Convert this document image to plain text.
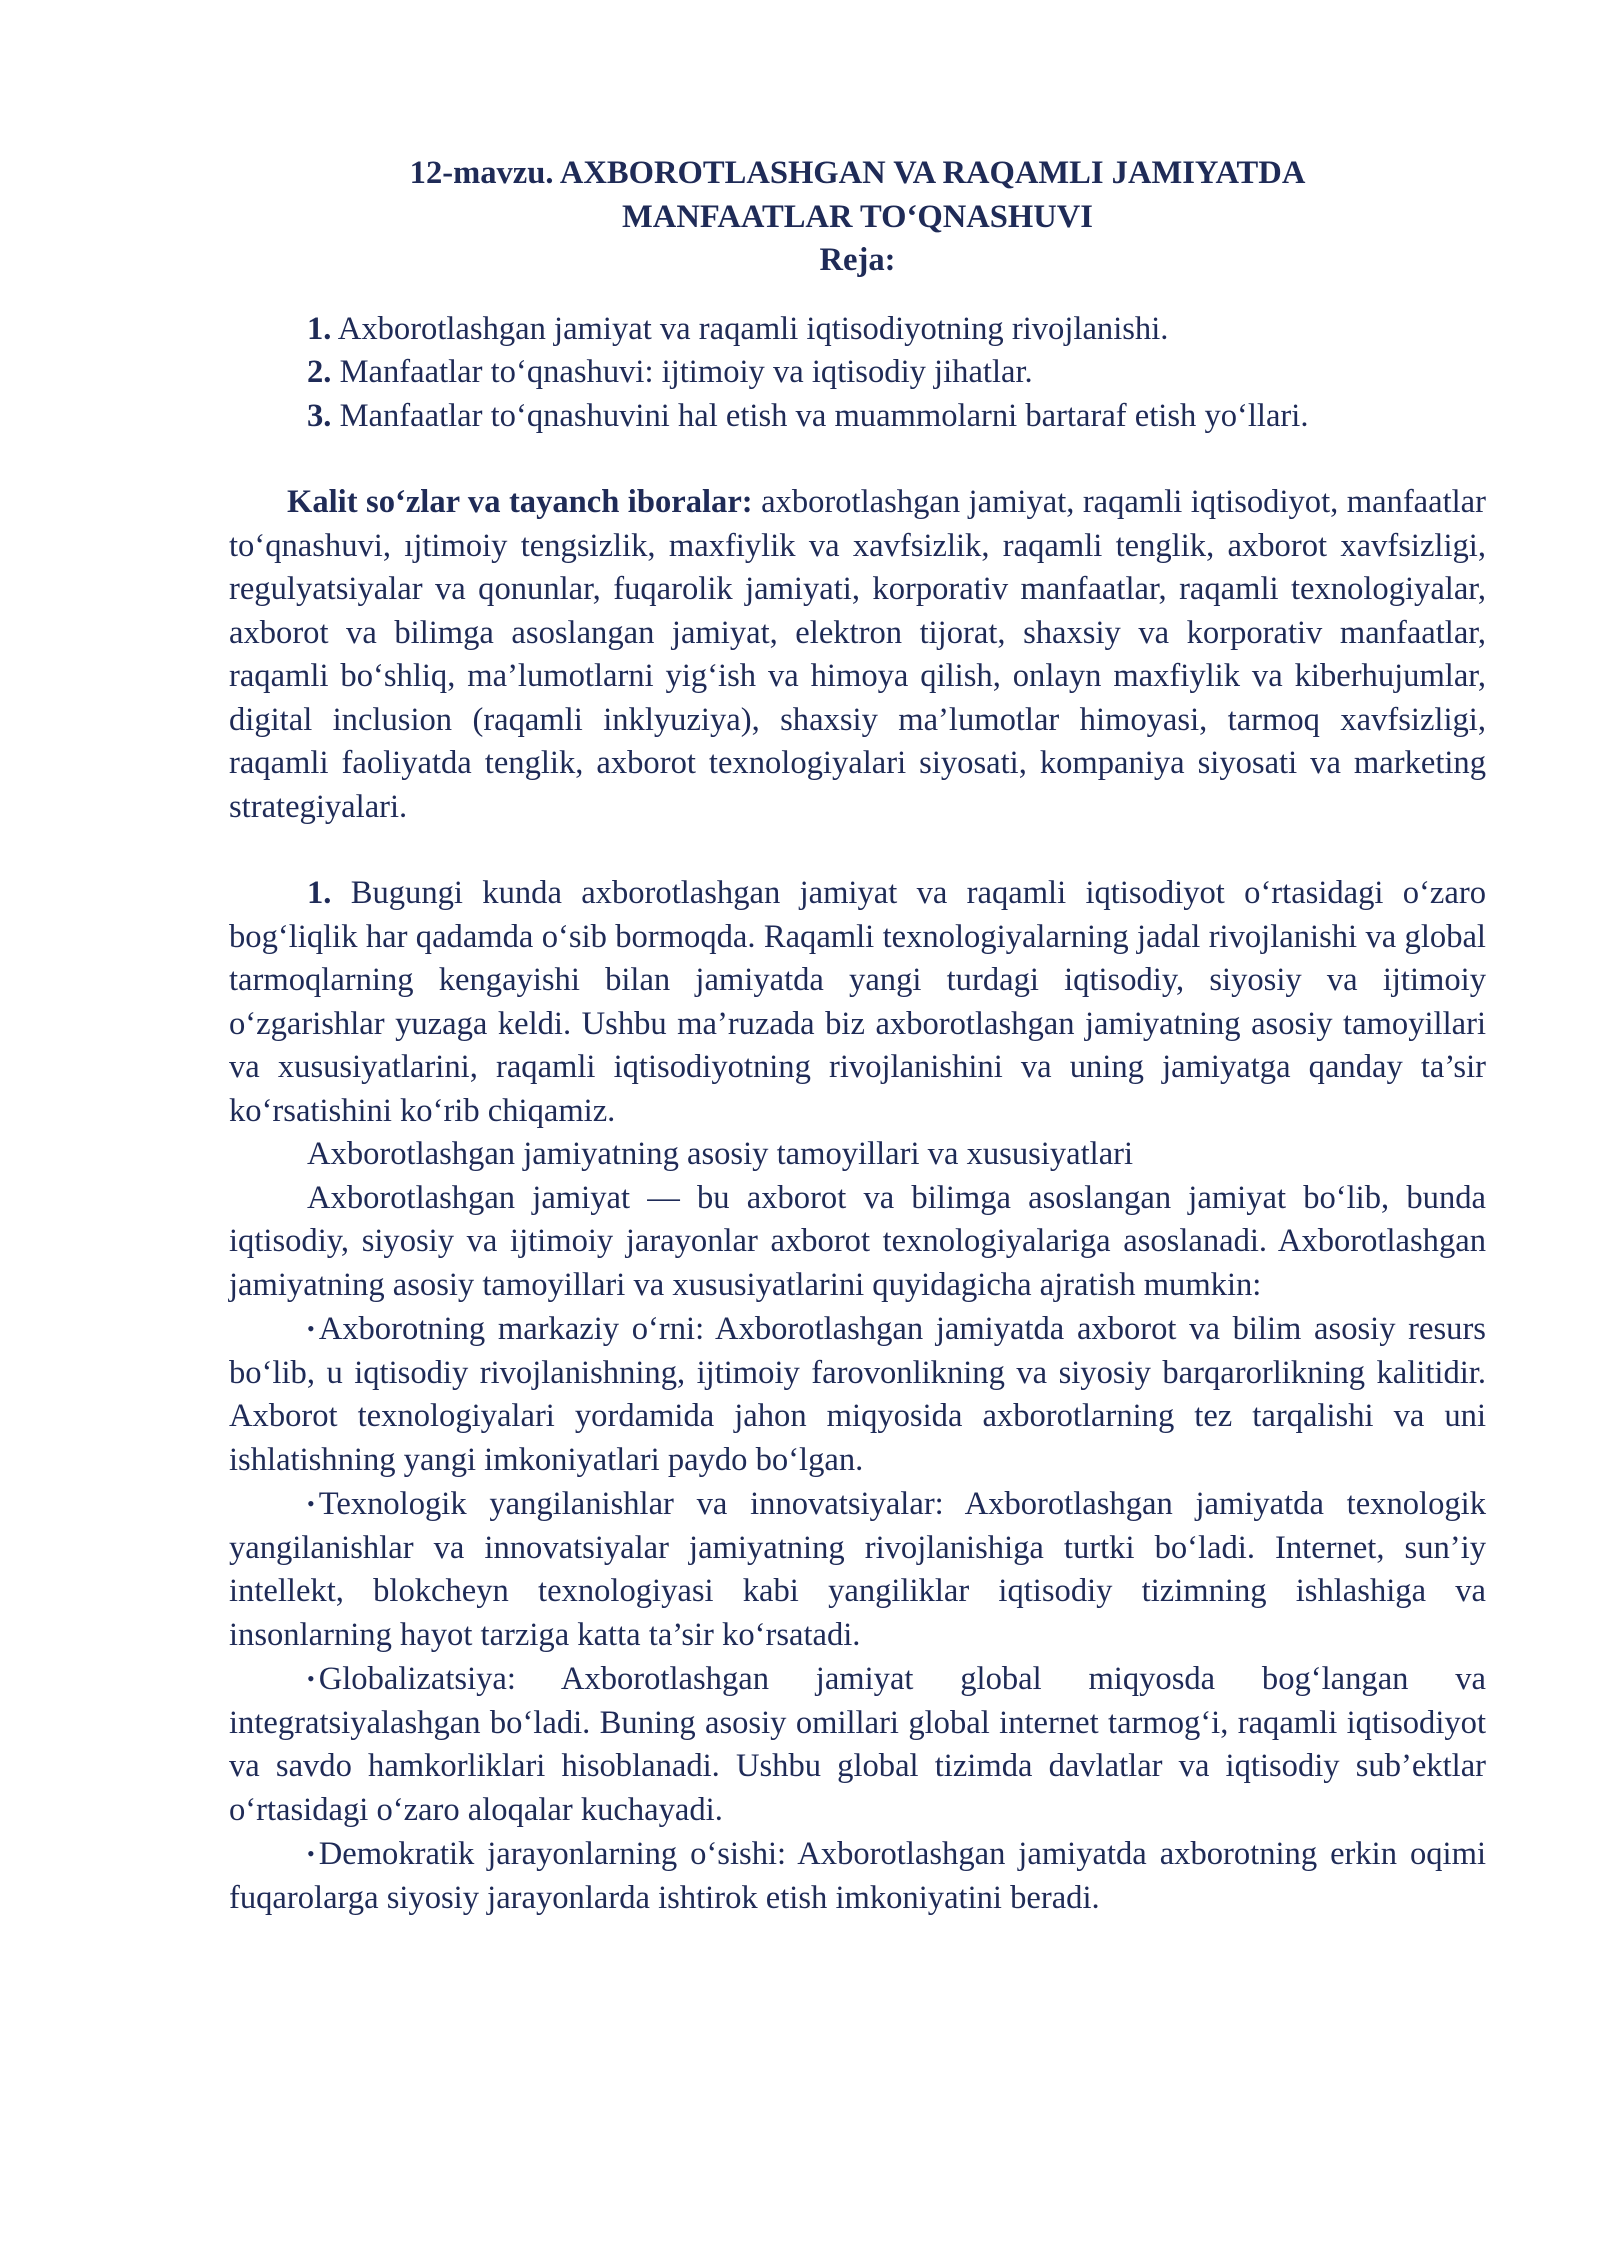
12-mavzu. AXBOROTLASHGAN VA RAQAMLI JAMIYATDA
MANFAATLAR TO‘QNASHUVI
Reja:

1. Axborotlashgan jamiyat va raqamli iqtisodiyotning rivojlanishi.
2. Manfaatlar to‘qnashuvi: ijtimoiy va iqtisodiy jihatlar.
3. Manfaatlar to‘qnashuvini hal etish va muammolarni bartaraf etish yo‘llari.

Kalit so‘zlar va tayanch iboralar: axborotlashgan jamiyat, raqamli iqtisodiyot, manfaatlar to‘qnashuvi, ıjtimoiy tengsizlik, maxfiylik va xavfsizlik, raqamli tenglik, axborot xavfsizligi, regulyatsiyalar va qonunlar, fuqarolik jamiyati, korporativ manfaatlar, raqamli texnologiyalar, axborot va bilimga asoslangan jamiyat, elektron tijorat, shaxsiy va korporativ manfaatlar, raqamli bo‘shliq, ma’lumotlarni yig‘ish va himoya qilish, onlayn maxfiylik va kiberhujumlar, digital inclusion (raqamli inklyuziya), shaxsiy ma’lumotlar himoyasi, tarmoq xavfsizligi, raqamli faoliyatda tenglik, axborot texnologiyalari siyosati, kompaniya siyosati va marketing strategiyalari.

1. Bugungi kunda axborotlashgan jamiyat va raqamli iqtisodiyot o‘rtasidagi o‘zaro bog‘liqlik har qadamda o‘sib bormoqda. Raqamli texnologiyalarning jadal rivojlanishi va global tarmoqlarning kengayishi bilan jamiyatda yangi turdagi iqtisodiy, siyosiy va ijtimoiy o‘zgarishlar yuzaga keldi. Ushbu ma’ruzada biz axborotlashgan jamiyatning asosiy tamoyillari va xususiyatlarini, raqamli iqtisodiyotning rivojlanishini va uning jamiyatga qanday ta’sir ko‘rsatishini ko‘rib chiqamiz.

Axborotlashgan jamiyatning asosiy tamoyillari va xususiyatlari

Axborotlashgan jamiyat — bu axborot va bilimga asoslangan jamiyat bo‘lib, bunda iqtisodiy, siyosiy va ijtimoiy jarayonlar axborot texnologiyalariga asoslanadi. Axborotlashgan jamiyatning asosiy tamoyillari va xususiyatlarini quyidagicha ajratish mumkin:

• Axborotning markaziy o‘rni: Axborotlashgan jamiyatda axborot va bilim asosiy resurs bo‘lib, u iqtisodiy rivojlanishning, ijtimoiy farovonlikning va siyosiy barqarorlikning kalitidir. Axborot texnologiyalari yordamida jahon miqyosida axborotlarning tez tarqalishi va uni ishlatishning yangi imkoniyatlari paydo bo‘lgan.

• Texnologik yangilanishlar va innovatsiyalar: Axborotlashgan jamiyatda texnologik yangilanishlar va innovatsiyalar jamiyatning rivojlanishiga turtki bo‘ladi. Internet, sun’iy intellekt, blokcheyn texnologiyasi kabi yangiliklar iqtisodiy tizimning ishlashiga va insonlarning hayot tarziga katta ta’sir ko‘rsatadi.

• Globalizatsiya: Axborotlashgan jamiyat global miqyosda bog‘langan va integratsiyalashgan bo‘ladi. Buning asosiy omillari global internet tarmog‘i, raqamli iqtisodiyot va savdo hamkorliklari hisoblanadi. Ushbu global tizimda davlatlar va iqtisodiy sub’ektlar o‘rtasidagi o‘zaro aloqalar kuchayadi.

• Demokratik jarayonlarning o‘sishi: Axborotlashgan jamiyatda axborotning erkin oqimi fuqarolarga siyosiy jarayonlarda ishtirok etish imkoniyatini beradi.
